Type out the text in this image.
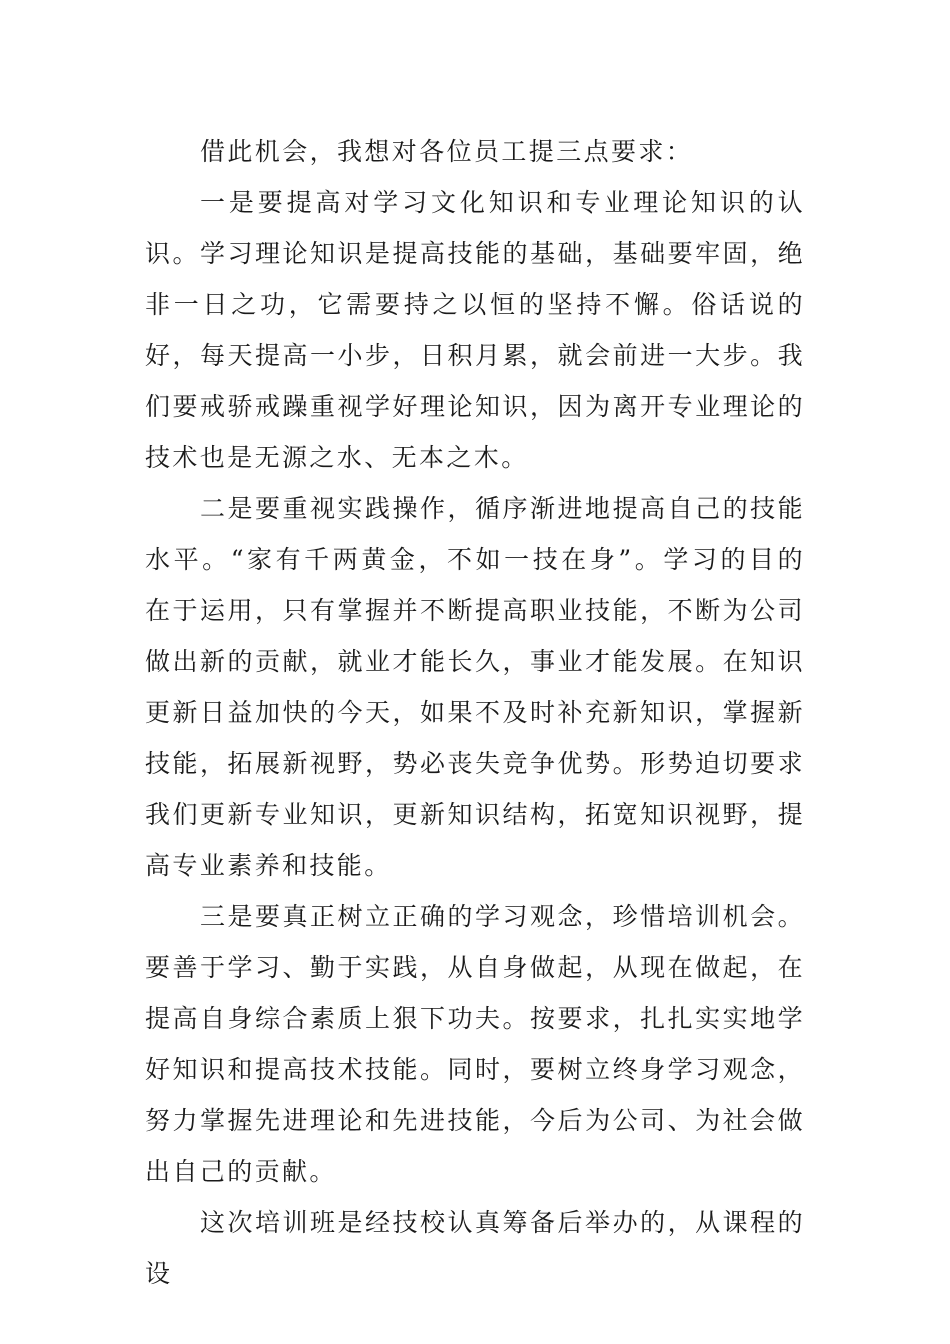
借此机会，我想对各位员工提三点要求：

一是要提高对学习文化知识和专业理论知识的认识。学习理论知识是提高技能的基础，基础要牢固，绝非一日之功，它需要持之以恒的坚持不懈。俗话说的好，每天提高一小步，日积月累，就会前进一大步。我们要戒骄戒躁重视学好理论知识，因为离开专业理论的技术也是无源之水、无本之木。

二是要重视实践操作，循序渐进地提高自己的技能水平。“家有千两黄金，不如一技在身”。学习的目的在于运用，只有掌握并不断提高职业技能，不断为公司做出新的贡献，就业才能长久，事业才能发展。在知识更新日益加快的今天，如果不及时补充新知识，掌握新技能，拓展新视野，势必丧失竞争优势。形势迫切要求我们更新专业知识，更新知识结构，拓宽知识视野，提高专业素养和技能。

三是要真正树立正确的学习观念，珍惜培训机会。要善于学习、勤于实践，从自身做起，从现在做起，在提高自身综合素质上狠下功夫。按要求，扎扎实实地学好知识和提高技术技能。同时，要树立终身学习观念，努力掌握先进理论和先进技能，今后为公司、为社会做出自己的贡献。

这次培训班是经技校认真筹备后举办的，从课程的设
